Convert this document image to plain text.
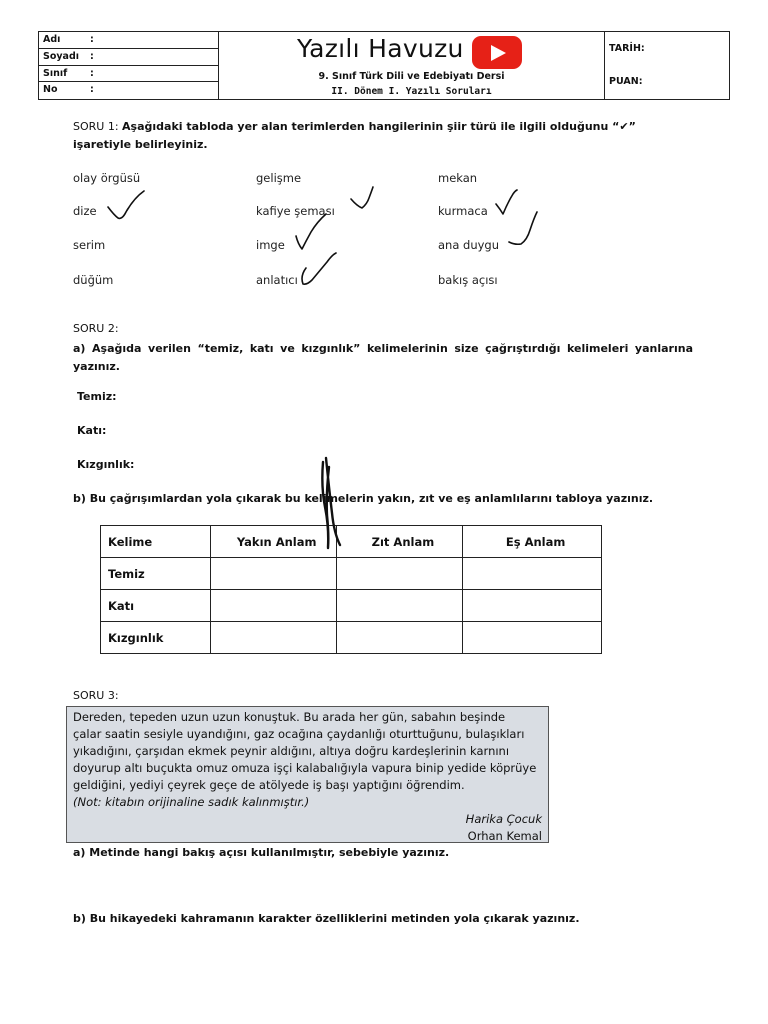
Adı	:
Soyadı :
Sınıf :
No	:
Yazılı Havuzu
9. Sınıf Türk Dili ve Edebiyatı Dersi
II. Dönem I. Yazılı Soruları
TARİH:
PUAN:
SORU 1: Aşağıdaki tabloda yer alan terimlerden hangilerinin şiir türü ile ilgili olduğunu “✔” işaretiyle belirleyiniz.
olay örgüsü	gelişme	mekan
dize	kafiye şeması	kurmaca
serim	imge	ana duygu
düğüm	anlatıcı	bakış açısı
SORU 2:
a) Aşağıda verilen “temiz, katı ve kızgınlık” kelimelerinin size çağrıştırdığı kelimeleri yanlarına yazınız.
Temiz:
Katı:
Kızgınlık:
b) Bu çağrışımlardan yola çıkarak bu kelimelerin yakın, zıt ve eş anlamlılarını tabloya yazınız.
Kelime	Yakın Anlam	Zıt Anlam	Eş Anlam
Temiz			
Katı			
Kızgınlık			
SORU 3:
Dereden, tepeden uzun uzun konuştuk. Bu arada her gün, sabahın beşinde
çalar saatin sesiyle uyandığını, gaz ocağına çaydanlığı oturttuğunu, bulaşıkları
yıkadığını, çarşıdan ekmek peynir aldığını, altıya doğru kardeşlerinin karnını
doyurup altı buçukta omuz omuza işçi kalabalığıyla vapura binip yedide köprüye
geldiğini, yediyi çeyrek geçe de atölyede iş başı yaptığını öğrendim.
(Not: kitabın orijinaline sadık kalınmıştır.)
Harika Çocuk
Orhan Kemal
a) Metinde hangi bakış açısı kullanılmıştır, sebebiyle yazınız.
b) Bu hikayedeki kahramanın karakter özelliklerini metinden yola çıkarak yazınız.
